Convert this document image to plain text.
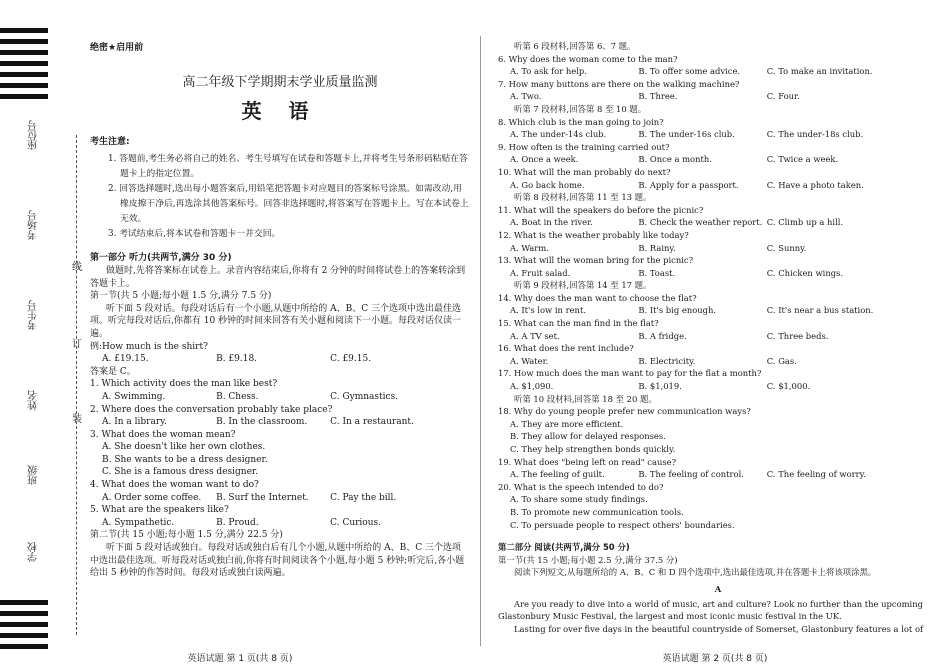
座位号
考场号
考生号
姓名
班级
学校
线
订
装
绝密★启用前
高二年级下学期期末学业质量监测
英 语
考生注意:
1. 答题前,考生务必将自己的姓名、考生号填写在试卷和答题卡上,并将考生号条形码粘贴在答题卡上的指定位置。
2. 回答选择题时,选出每小题答案后,用铅笔把答题卡对应题目的答案标号涂黑。如需改动,用橡皮擦干净后,再选涂其他答案标号。回答非选择题时,将答案写在答题卡上。写在本试卷上无效。
3. 考试结束后,将本试卷和答题卡一并交回。
第一部分 听力(共两节,满分 30 分)
做题时,先将答案标在试卷上。录音内容结束后,你将有 2 分钟的时间将试卷上的答案转涂到答题卡上。
第一节(共 5 小题;每小题 1.5 分,满分 7.5 分)
听下面 5 段对话。每段对话后有一个小题,从题中所给的 A、B、C 三个选项中选出最佳选项。听完每段对话后,你都有 10 秒钟的时间来回答有关小题和阅读下一小题。每段对话仅读一遍。
例:How much is the shirt?
A. £19.15.	B. £9.18.	C. £9.15.
答案是 C。
1. Which activity does the man like best?
A. Swimming.	B. Chess.	C. Gymnastics.
2. Where does the conversation probably take place?
A. In a library.	B. In the classroom.	C. In a restaurant.
3. What does the woman mean?
A. She doesn't like her own clothes.
B. She wants to be a dress designer.
C. She is a famous dress designer.
4. What does the woman want to do?
A. Order some coffee.	B. Surf the Internet.	C. Pay the bill.
5. What are the speakers like?
A. Sympathetic.	B. Proud.	C. Curious.
第二节(共 15 小题;每小题 1.5 分,满分 22.5 分)
听下面 5 段对话或独白。每段对话或独白后有几个小题,从题中所给的 A、B、C 三个选项中选出最佳选项。听每段对话或独白前,你将有时间阅读各个小题,每小题 5 秒钟;听完后,各小题给出 5 秒钟的作答时间。每段对话或独白读两遍。
英语试题 第 1 页(共 8 页)
听第 6 段材料,回答第 6、7 题。
6. Why does the woman come to the man?
A. To ask for help.	B. To offer some advice.	C. To make an invitation.
7. How many buttons are there on the walking machine?
A. Two.	B. Three.	C. Four.
听第 7 段材料,回答第 8 至 10 题。
8. Which club is the man going to join?
A. The under-14s club.	B. The under-16s club.	C. The under-18s club.
9. How often is the training carried out?
A. Once a week.	B. Once a month.	C. Twice a week.
10. What will the man probably do next?
A. Go back home.	B. Apply for a passport.	C. Have a photo taken.
听第 8 段材料,回答第 11 至 13 题。
11. What will the speakers do before the picnic?
A. Boat in the river.	B. Check the weather report. C. Climb up a hill.
12. What is the weather probably like today?
A. Warm.	B. Rainy.	C. Sunny.
13. What will the woman bring for the picnic?
A. Fruit salad.	B. Toast.	C. Chicken wings.
听第 9 段材料,回答第 14 至 17 题。
14. Why does the man want to choose the flat?
A. It's low in rent.	B. It's big enough.	C. It's near a bus station.
15. What can the man find in the flat?
A. A TV set.	B. A fridge.	C. Three beds.
16. What does the rent include?
A. Water.	B. Electricity.	C. Gas.
17. How much does the man want to pay for the flat a month?
A. $1,090.	B. $1,019.	C. $1,000.
听第 10 段材料,回答第 18 至 20 题。
18. Why do young people prefer new communication ways?
A. They are more efficient.
B. They allow for delayed responses.
C. They help strengthen bonds quickly.
19. What does "being left on read" cause?
A. The feeling of guilt.	B. The feeling of control.	C. The feeling of worry.
20. What is the speech intended to do?
A. To share some study findings.
B. To promote new communication tools.
C. To persuade people to respect others' boundaries.
第二部分 阅读(共两节,满分 50 分)
第一节(共 15 小题;每小题 2.5 分,满分 37.5 分)
阅读下列短文,从每题所给的 A、B、C 和 D 四个选项中,选出最佳选项,并在答题卡上将该项涂黑。
A
Are you ready to dive into a world of music, art and culture? Look no further than the upcoming Glastonbury Music Festival, the largest and most iconic music festival in the UK.
Lasting for over five days in the beautiful countryside of Somerset, Glastonbury features a lot of
英语试题 第 2 页(共 8 页)
